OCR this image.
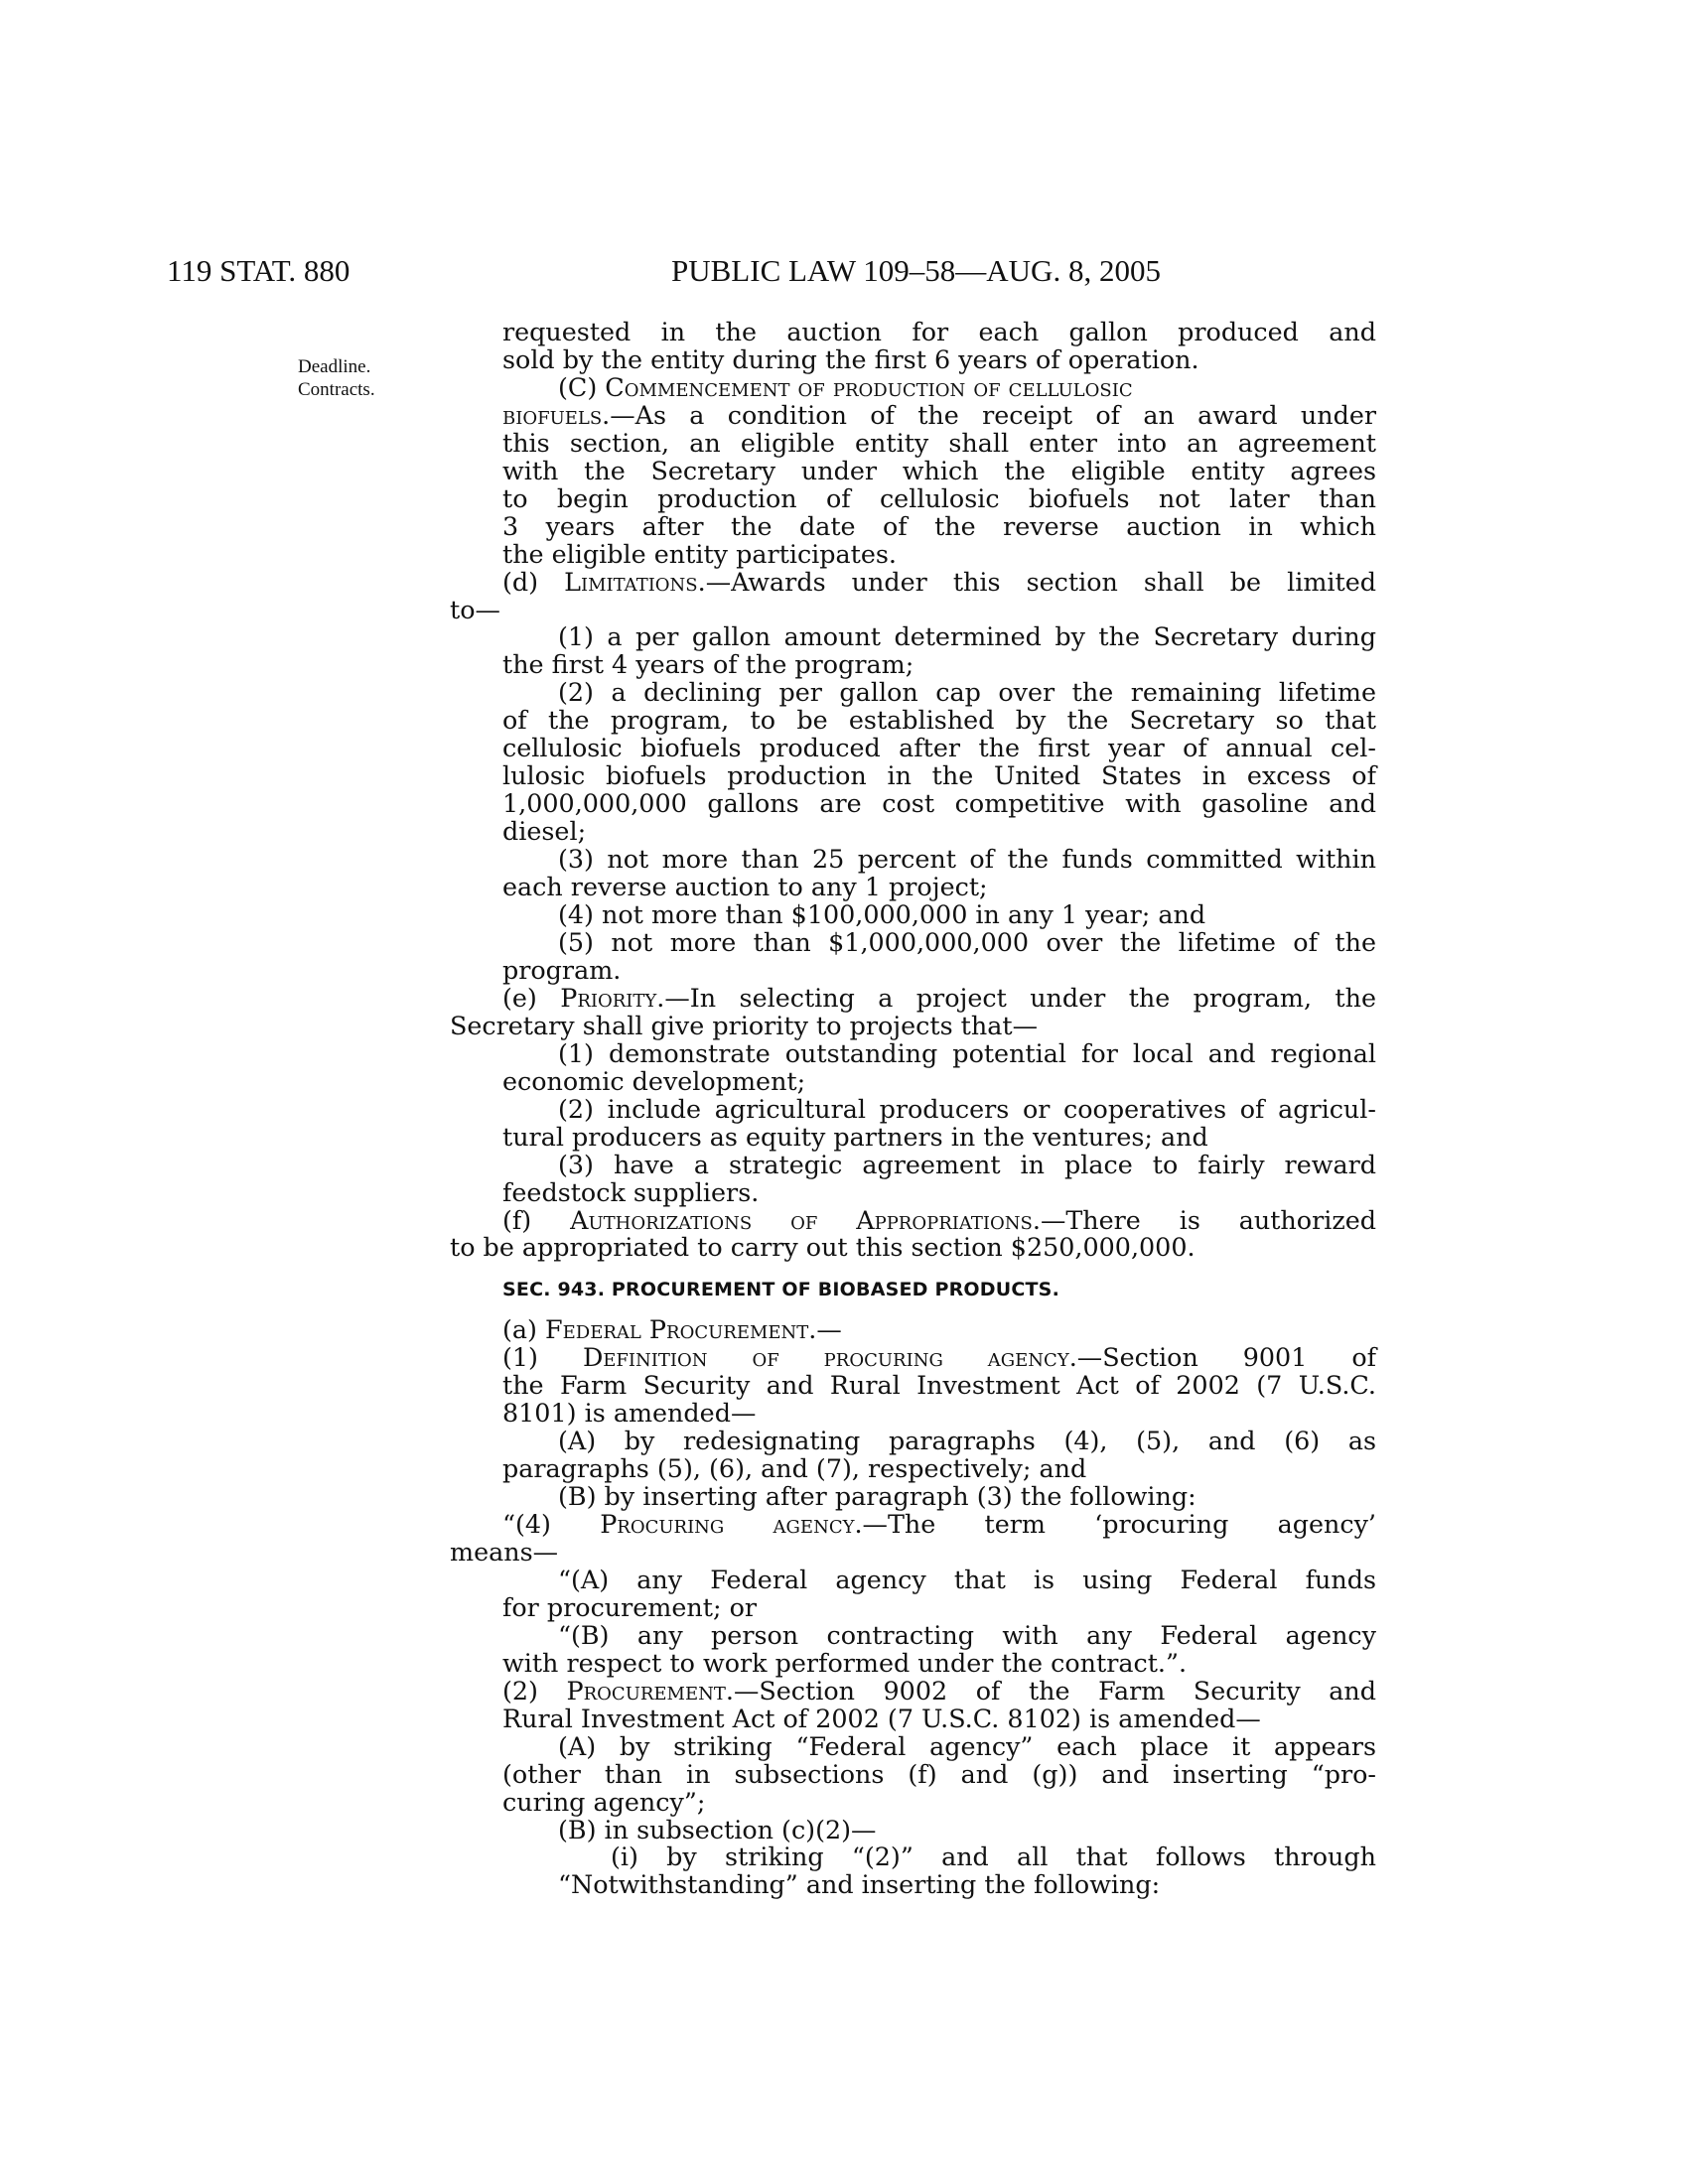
119 STAT. 880	PUBLIC LAW 109–58—AUG. 8, 2005
Deadline.
Contracts.
requested in the auction for each gallon produced and
sold by the entity during the first 6 years of operation.
(C) Commencement of production of cellulosic
biofuels.—As a condition of the receipt of an award under
this section, an eligible entity shall enter into an agreement
with the Secretary under which the eligible entity agrees
to begin production of cellulosic biofuels not later than
3 years after the date of the reverse auction in which
the eligible entity participates.
(d) Limitations.—Awards under this section shall be limited
to—
(1) a per gallon amount determined by the Secretary during
the first 4 years of the program;
(2) a declining per gallon cap over the remaining lifetime
of the program, to be established by the Secretary so that
cellulosic biofuels produced after the first year of annual cel-
lulosic biofuels production in the United States in excess of
1,000,000,000 gallons are cost competitive with gasoline and
diesel;
(3) not more than 25 percent of the funds committed within
each reverse auction to any 1 project;
(4) not more than $100,000,000 in any 1 year; and
(5) not more than $1,000,000,000 over the lifetime of the
program.
(e) Priority.—In selecting a project under the program, the
Secretary shall give priority to projects that—
(1) demonstrate outstanding potential for local and regional
economic development;
(2) include agricultural producers or cooperatives of agricul-
tural producers as equity partners in the ventures; and
(3) have a strategic agreement in place to fairly reward
feedstock suppliers.
(f) Authorizations of Appropriations.—There is authorized
to be appropriated to carry out this section $250,000,000.
SEC. 943. PROCUREMENT OF BIOBASED PRODUCTS.
(a) Federal Procurement.—
(1) Definition of procuring agency.—Section 9001 of
the Farm Security and Rural Investment Act of 2002 (7 U.S.C.
8101) is amended—
(A) by redesignating paragraphs (4), (5), and (6) as
paragraphs (5), (6), and (7), respectively; and
(B) by inserting after paragraph (3) the following:
“(4) Procuring agency.—The term ‘procuring agency’
means—
“(A) any Federal agency that is using Federal funds
for procurement; or
“(B) any person contracting with any Federal agency
with respect to work performed under the contract.”.
(2) Procurement.—Section 9002 of the Farm Security and
Rural Investment Act of 2002 (7 U.S.C. 8102) is amended—
(A) by striking “Federal agency” each place it appears
(other than in subsections (f) and (g)) and inserting “pro-
curing agency”;
(B) in subsection (c)(2)—
(i) by striking “(2)” and all that follows through
“Notwithstanding” and inserting the following:
